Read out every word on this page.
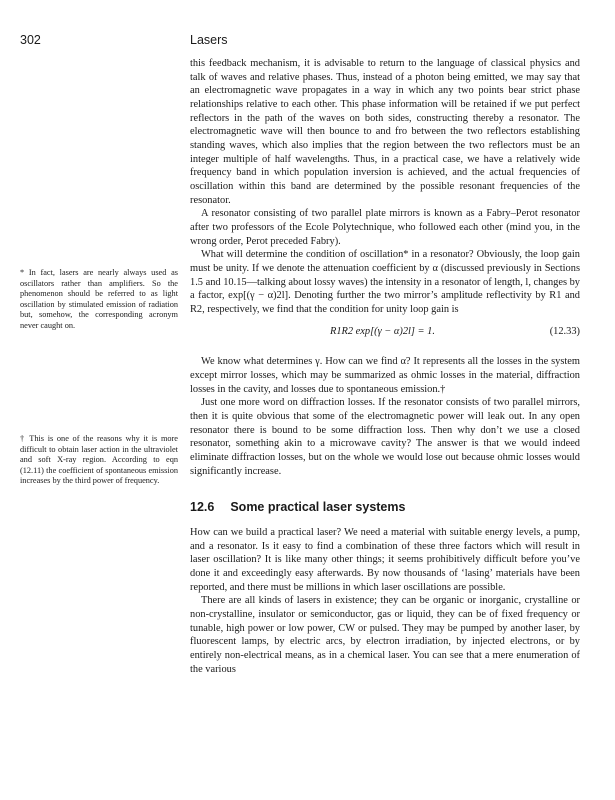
302	Lasers
* In fact, lasers are nearly always used as oscillators rather than amplifiers. So the phenomenon should be referred to as light oscillation by stimulated emission of radiation but, somehow, the corresponding acronym never caught on.
† This is one of the reasons why it is more difficult to obtain laser action in the ultraviolet and soft X-ray region. According to eqn (12.11) the coefficient of spontaneous emission increases by the third power of frequency.

this feedback mechanism, it is advisable to return to the language of classical physics and talk of waves and relative phases. Thus, instead of a photon being emitted, we may say that an electromagnetic wave propagates in a way in which any two points bear strict phase relationships relative to each other. This phase information will be retained if we put perfect reflectors in the path of the waves on both sides, constructing thereby a resonator. The electromagnetic wave will then bounce to and fro between the two reflectors establishing standing waves, which also implies that the region between the two reflectors must be an integer multiple of half wavelengths. Thus, in a practical case, we have a relatively wide frequency band in which population inversion is achieved, and the actual frequencies of oscillation within this band are determined by the possible resonant frequencies of the resonator.

A resonator consisting of two parallel plate mirrors is known as a Fabry–Perot resonator after two professors of the Ecole Polytechnique, who followed each other (mind you, in the wrong order, Perot preceded Fabry).

What will determine the condition of oscillation* in a resonator? Obviously, the loop gain must be unity. If we denote the attenuation coefficient by α (discussed previously in Sections 1.5 and 10.15—talking about lossy waves) the intensity in a resonator of length, l, changes by a factor, exp[(γ − α)2l]. Denoting further the two mirror’s amplitude reflectivity by R1 and R2, respectively, we find that the condition for unity loop gain is

R1R2 exp[(γ − α)2l] = 1.	(12.33)

We know what determines γ. How can we find α? It represents all the losses in the system except mirror losses, which may be summarized as ohmic losses in the material, diffraction losses in the cavity, and losses due to spontaneous emission.†

Just one more word on diffraction losses. If the resonator consists of two parallel mirrors, then it is quite obvious that some of the electromagnetic power will leak out. In any open resonator there is bound to be some diffraction loss. Then why don’t we use a closed resonator, something akin to a microwave cavity? The answer is that we would indeed eliminate diffraction losses, but on the whole we would lose out because ohmic losses would significantly increase.

12.6 Some practical laser systems

How can we build a practical laser? We need a material with suitable energy levels, a pump, and a resonator. Is it easy to find a combination of these three factors which will result in laser oscillation? It is like many other things; it seems prohibitively difficult before you’ve done it and exceedingly easy afterwards. By now thousands of ‘lasing’ materials have been reported, and there must be millions in which laser oscillations are possible.

There are all kinds of lasers in existence; they can be organic or inorganic, crystalline or non-crystalline, insulator or semiconductor, gas or liquid, they can be of fixed frequency or tunable, high power or low power, CW or pulsed. They may be pumped by another laser, by fluorescent lamps, by electric arcs, by electron irradiation, by injected electrons, or by entirely non-electrical means, as in a chemical laser. You can see that a mere enumeration of the various
